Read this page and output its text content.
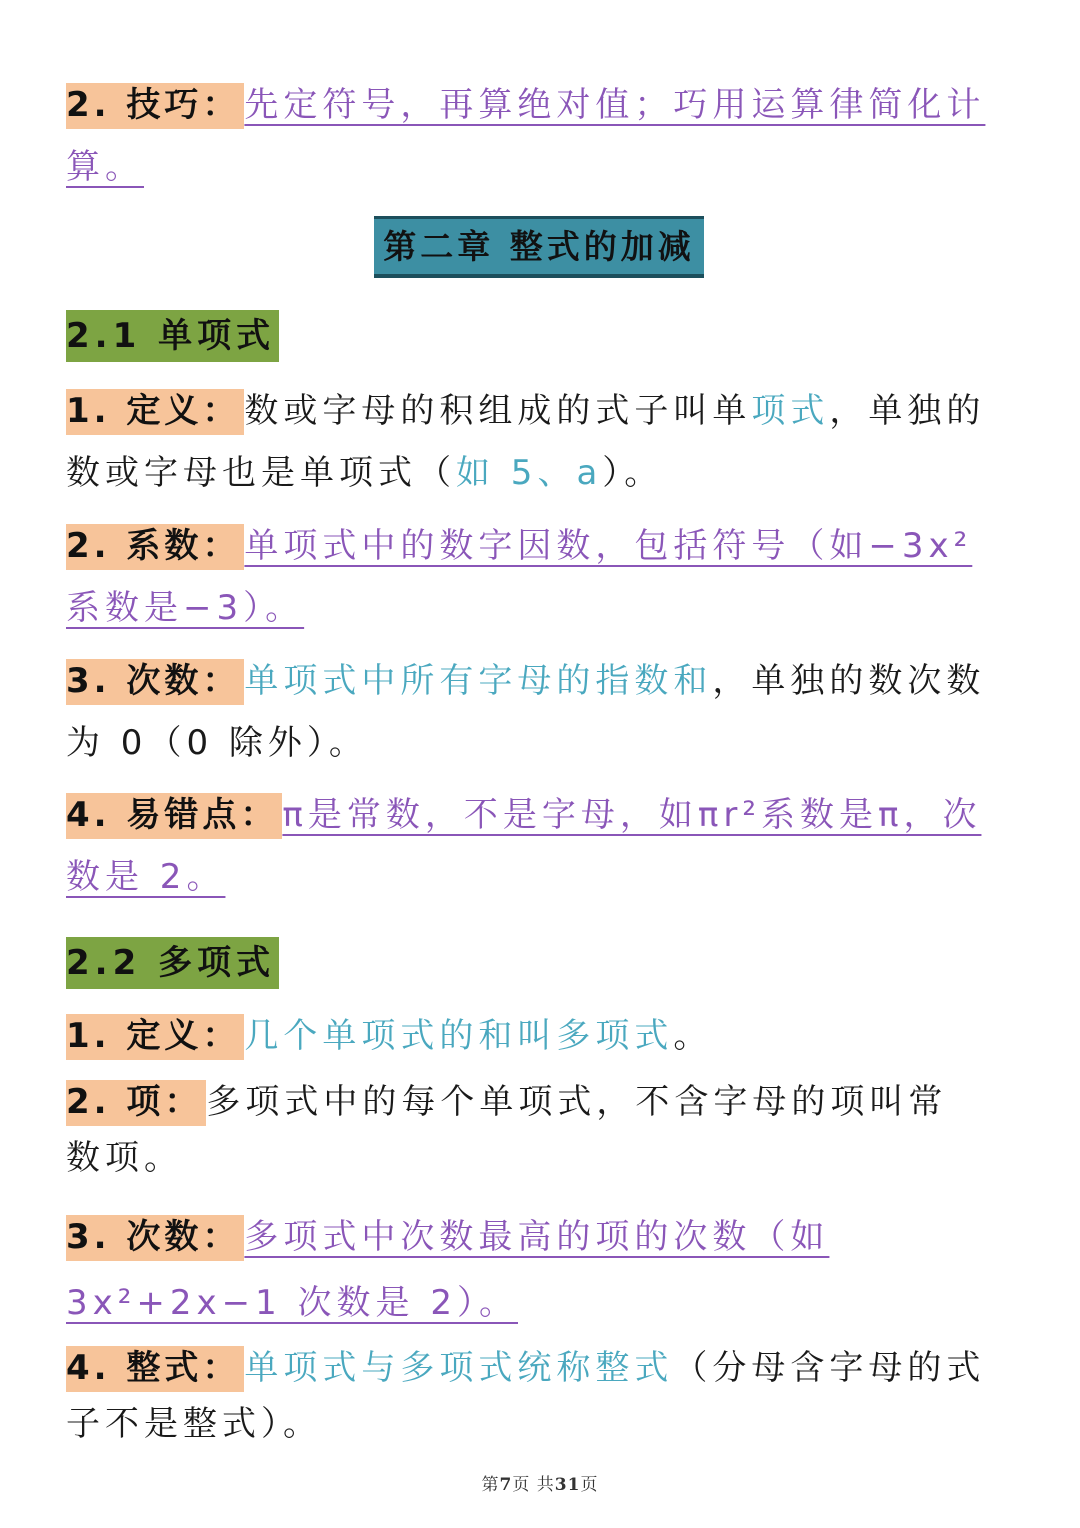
2. 技巧： 先定符号，再算绝对值；巧用运算律简化计算。
第二章 整式的加减
2.1 单项式
1. 定义： 数或字母的积组成的式子叫单项式，单独的数或字母也是单项式（如 5、a）。
2. 系数： 单项式中的数字因数，包括符号（如−3x²系数是−3）。
3. 次数： 单项式中所有字母的指数和，单独的数次数为 0（0 除外）。
4. 易错点： π是常数，不是字母，如πr²系数是π，次数是 2。
2.2 多项式
1. 定义： 几个单项式的和叫多项式。
2. 项： 多项式中的每个单项式，不含字母的项叫常数项。
3. 次数： 多项式中次数最高的项的次数（如 3x²+2x−1 次数是 2）。
4. 整式： 单项式与多项式统称整式（分母含字母的式子不是整式）。
第7页 共31页
